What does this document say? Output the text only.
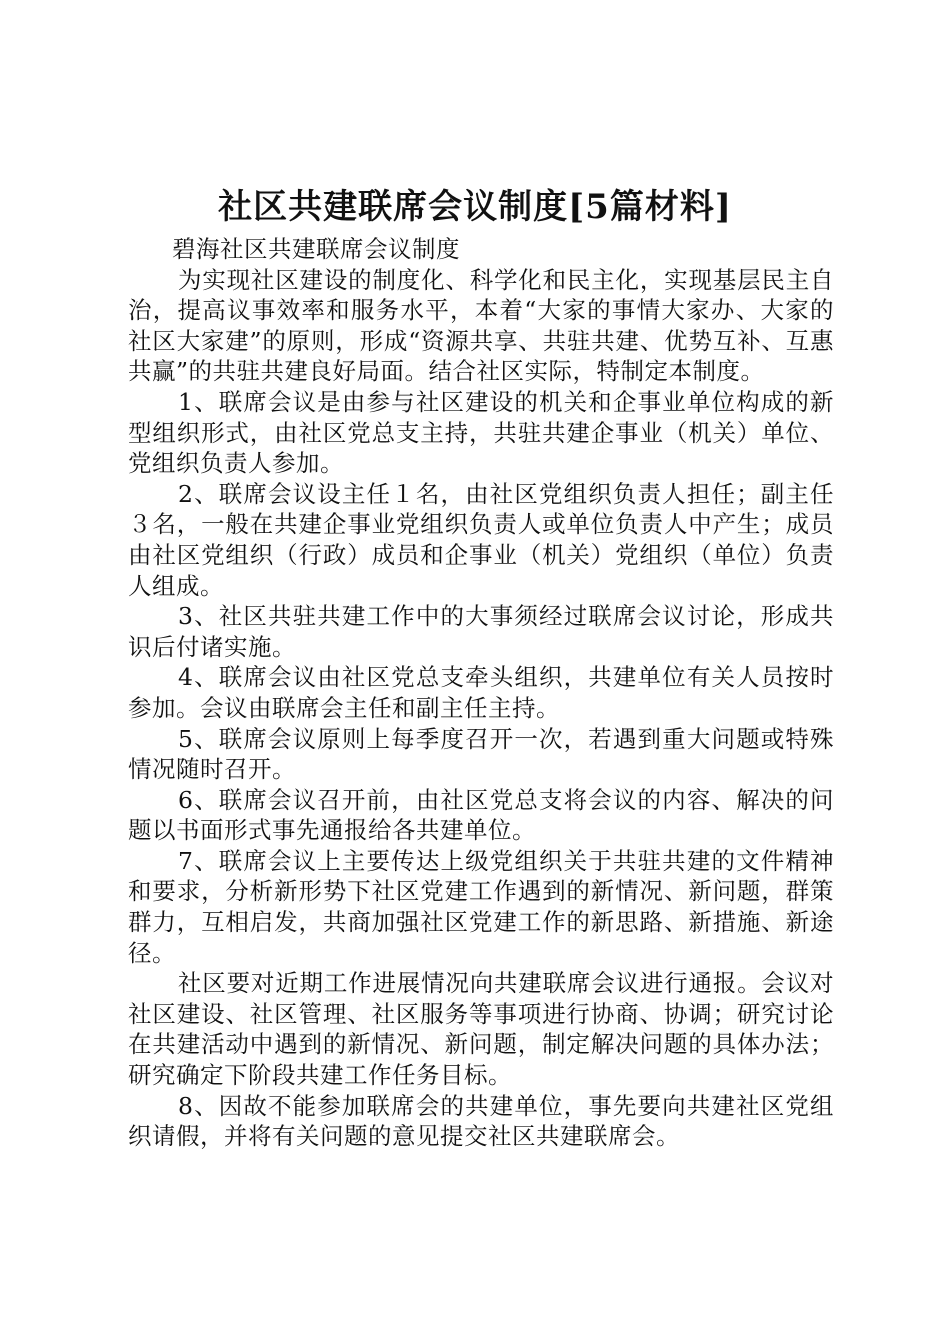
社区共建联席会议制度[5篇材料]

碧海社区共建联席会议制度

为实现社区建设的制度化、科学化和民主化，实现基层民主自治，提高议事效率和服务水平，本着“大家的事情大家办、大家的社区大家建”的原则，形成“资源共享、共驻共建、优势互补、互惠共赢”的共驻共建良好局面。结合社区实际，特制定本制度。

1、联席会议是由参与社区建设的机关和企事业单位构成的新型组织形式，由社区党总支主持，共驻共建企事业（机关）单位、党组织负责人参加。

2、联席会议设主任１名，由社区党组织负责人担任；副主任３名，一般在共建企事业党组织负责人或单位负责人中产生；成员由社区党组织（行政）成员和企事业（机关）党组织（单位）负责人组成。

3、社区共驻共建工作中的大事须经过联席会议讨论，形成共识后付诸实施。

4、联席会议由社区党总支牵头组织，共建单位有关人员按时参加。会议由联席会主任和副主任主持。

5、联席会议原则上每季度召开一次，若遇到重大问题或特殊情况随时召开。

6、联席会议召开前，由社区党总支将会议的内容、解决的问题以书面形式事先通报给各共建单位。

7、联席会议上主要传达上级党组织关于共驻共建的文件精神和要求，分析新形势下社区党建工作遇到的新情况、新问题，群策群力，互相启发，共商加强社区党建工作的新思路、新措施、新途径。

社区要对近期工作进展情况向共建联席会议进行通报。会议对社区建设、社区管理、社区服务等事项进行协商、协调；研究讨论在共建活动中遇到的新情况、新问题，制定解决问题的具体办法；研究确定下阶段共建工作任务目标。

8、因故不能参加联席会的共建单位，事先要向共建社区党组织请假，并将有关问题的意见提交社区共建联席会。
